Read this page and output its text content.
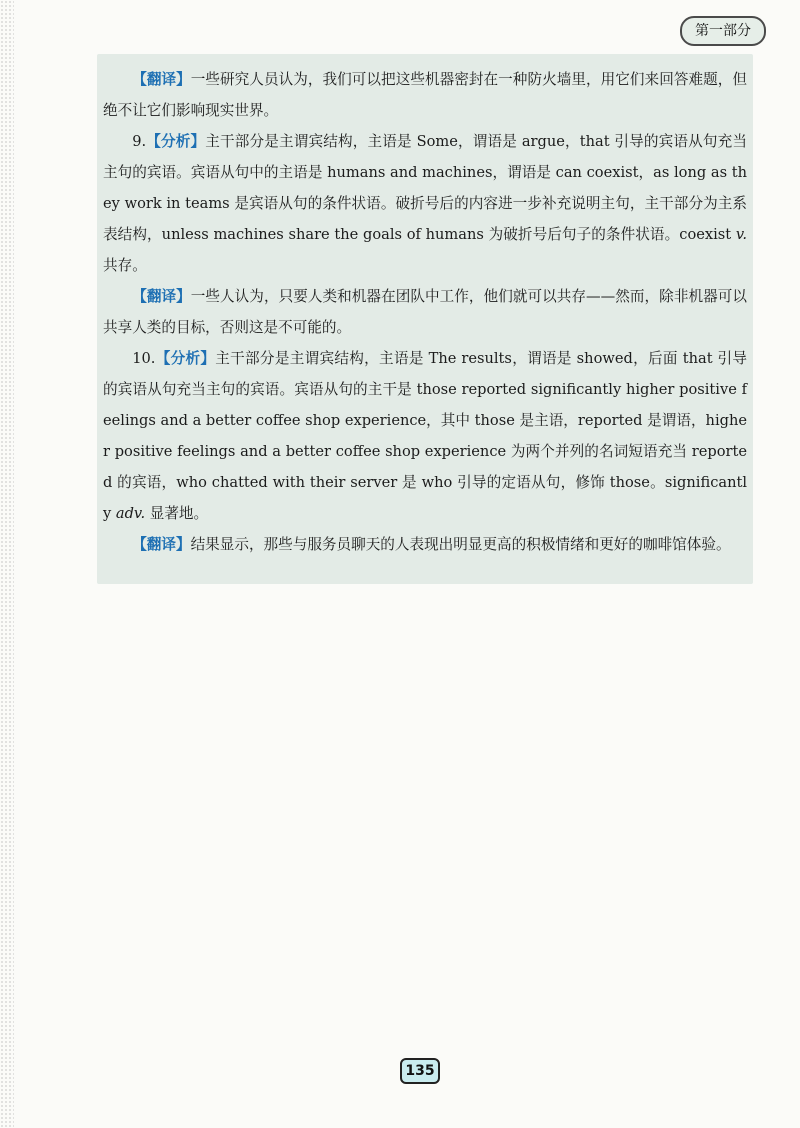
第一部分

【翻译】一些研究人员认为，我们可以把这些机器密封在一种防火墙里，用它们来回答难题，但绝不让它们影响现实世界。

9.【分析】主干部分是主谓宾结构，主语是 Some，谓语是 argue，that 引导的宾语从句充当主句的宾语。宾语从句中的主语是 humans and machines，谓语是 can coexist，as long as they work in teams 是宾语从句的条件状语。破折号后的内容进一步补充说明主句，主干部分为主系表结构，unless machines share the goals of humans 为破折号后句子的条件状语。coexist v. 共存。

【翻译】一些人认为，只要人类和机器在团队中工作，他们就可以共存——然而，除非机器可以共享人类的目标，否则这是不可能的。

10.【分析】主干部分是主谓宾结构，主语是 The results，谓语是 showed，后面 that 引导的宾语从句充当主句的宾语。宾语从句的主干是 those reported significantly higher positive feelings and a better coffee shop experience，其中 those 是主语，reported 是谓语，higher positive feelings and a better coffee shop experience 为两个并列的名词短语充当 reported 的宾语，who chatted with their server 是 who 引导的定语从句，修饰 those。significantly adv. 显著地。

【翻译】结果显示，那些与服务员聊天的人表现出明显更高的积极情绪和更好的咖啡馆体验。

135
